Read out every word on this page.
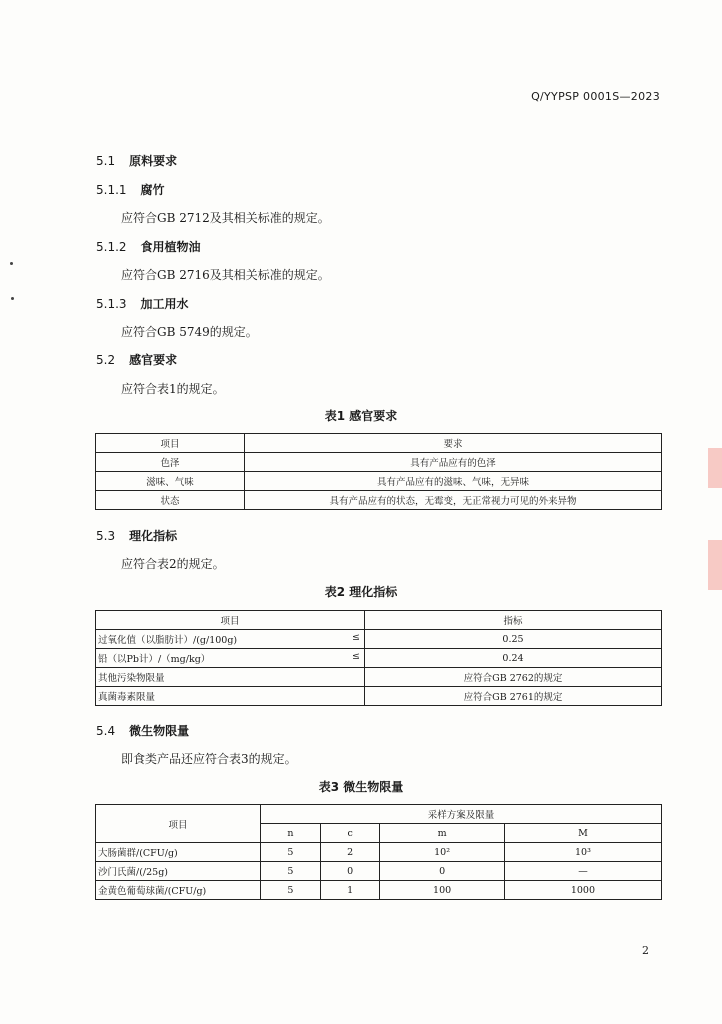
Q/YYPSP 0001S—2023
5.1 原料要求
5.1.1 腐竹
应符合GB 2712及其相关标准的规定。
5.1.2 食用植物油
应符合GB 2716及其相关标准的规定。
5.1.3 加工用水
应符合GB 5749的规定。
5.2 感官要求
应符合表1的规定。
表1 感官要求
项目	要求
色泽	具有产品应有的色泽
滋味、气味	具有产品应有的滋味、气味，无异味
状态	具有产品应有的状态，无霉变，无正常视力可见的外来异物
5.3 理化指标
应符合表2的规定。
表2 理化指标
项目	指标
过氧化值（以脂肪计）/(g/100g) ≤	0.25
铅（以Pb计）/（mg/kg） ≤	0.24
其他污染物限量	应符合GB 2762的规定
真菌毒素限量	应符合GB 2761的规定
5.4 微生物限量
即食类产品还应符合表3的规定。
表3 微生物限量
项目	采样方案及限量			
	n	c	m	M
大肠菌群/(CFU/g)	5	2	10²	10³
沙门氏菌/(/25g)	5	0	0	—
金黄色葡萄球菌/(CFU/g)	5	1	100	1000
2
